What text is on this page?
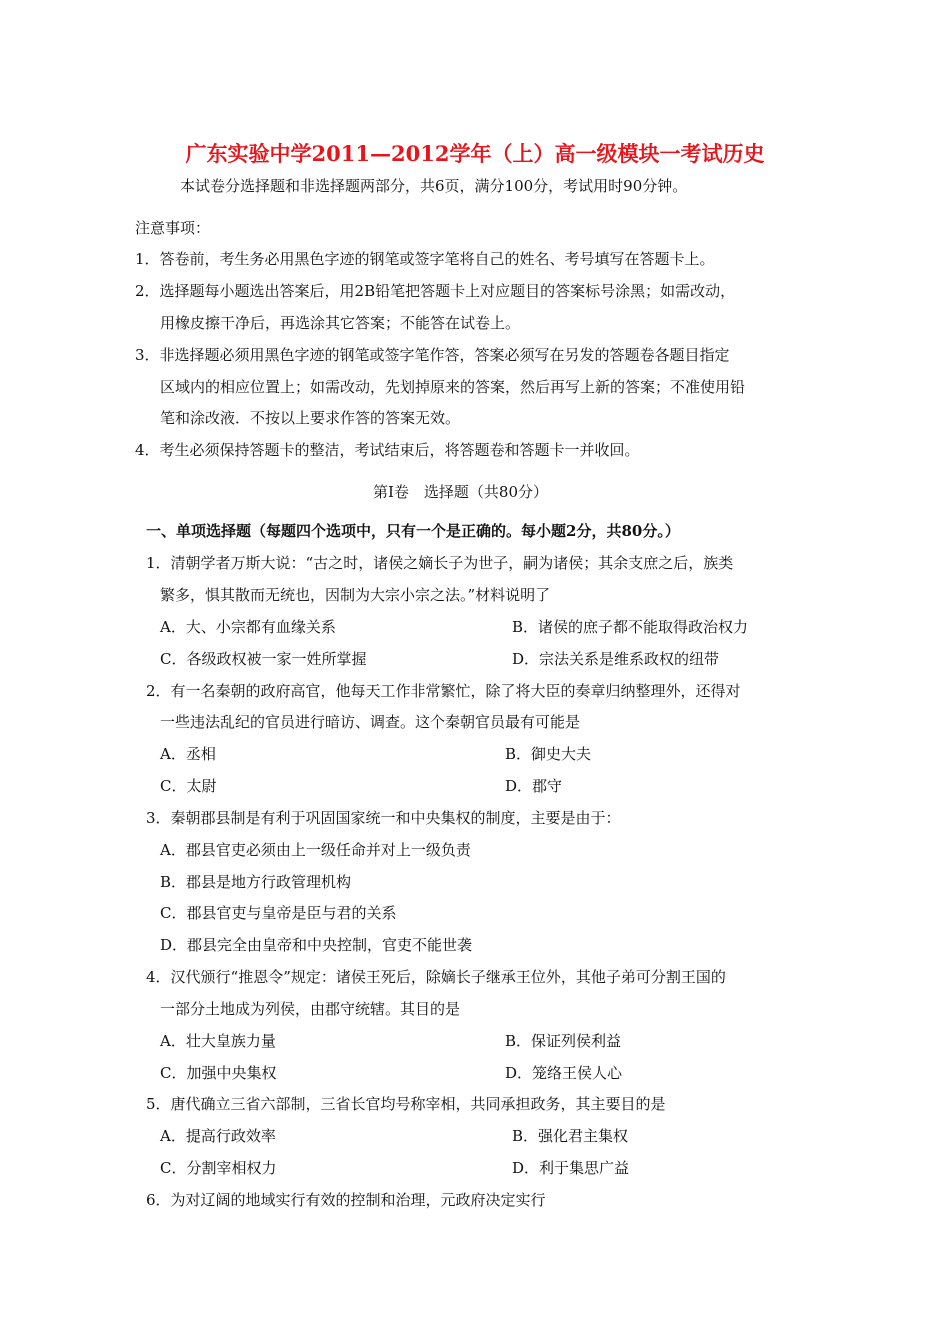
广东实验中学2011—2012学年（上）高一级模块一考试历史
本试卷分选择题和非选择题两部分，共6页，满分100分，考试用时90分钟。
注意事项：
1．答卷前，考生务必用黑色字迹的钢笔或签字笔将自己的姓名、考号填写在答题卡上。
2．选择题每小题选出答案后，用2B铅笔把答题卡上对应题目的答案标号涂黑；如需改动，
用橡皮擦干净后，再选涂其它答案；不能答在试卷上。
3．非选择题必须用黑色字迹的钢笔或签字笔作答，答案必须写在另发的答题卷各题目指定
区域内的相应位置上；如需改动，先划掉原来的答案，然后再写上新的答案；不准使用铅
笔和涂改液．不按以上要求作答的答案无效。
4．考生必须保持答题卡的整洁，考试结束后，将答题卷和答题卡一并收回。
第Ⅰ卷　选择题（共80分）
一、单项选择题（每题四个选项中，只有一个是正确的。每小题2分，共80分。）
1．清朝学者万斯大说：“古之时，诸侯之嫡长子为世子，嗣为诸侯；其余支庶之后，族类
繁多，惧其散而无统也，因制为大宗小宗之法。”材料说明了
A．大、小宗都有血缘关系	B．诸侯的庶子都不能取得政治权力
C．各级政权被一家一姓所掌握	D．宗法关系是维系政权的纽带
2．有一名秦朝的政府高官，他每天工作非常繁忙，除了将大臣的奏章归纳整理外，还得对
一些违法乱纪的官员进行暗访、调查。这个秦朝官员最有可能是
A．丞相	B．御史大夫
C．太尉	D．郡守
3．秦朝郡县制是有利于巩固国家统一和中央集权的制度，主要是由于：
A．郡县官吏必须由上一级任命并对上一级负责
B．郡县是地方行政管理机构
C．郡县官吏与皇帝是臣与君的关系
D．郡县完全由皇帝和中央控制，官吏不能世袭
4．汉代颁行“推恩令”规定：诸侯王死后，除嫡长子继承王位外，其他子弟可分割王国的
一部分土地成为列侯，由郡守统辖。其目的是
A．壮大皇族力量	B．保证列侯利益
C．加强中央集权	D．笼络王侯人心
5．唐代确立三省六部制，三省长官均号称宰相，共同承担政务，其主要目的是
A．提高行政效率	B．强化君主集权
C．分割宰相权力	D．利于集思广益
6．为对辽阔的地域实行有效的控制和治理，元政府决定实行
